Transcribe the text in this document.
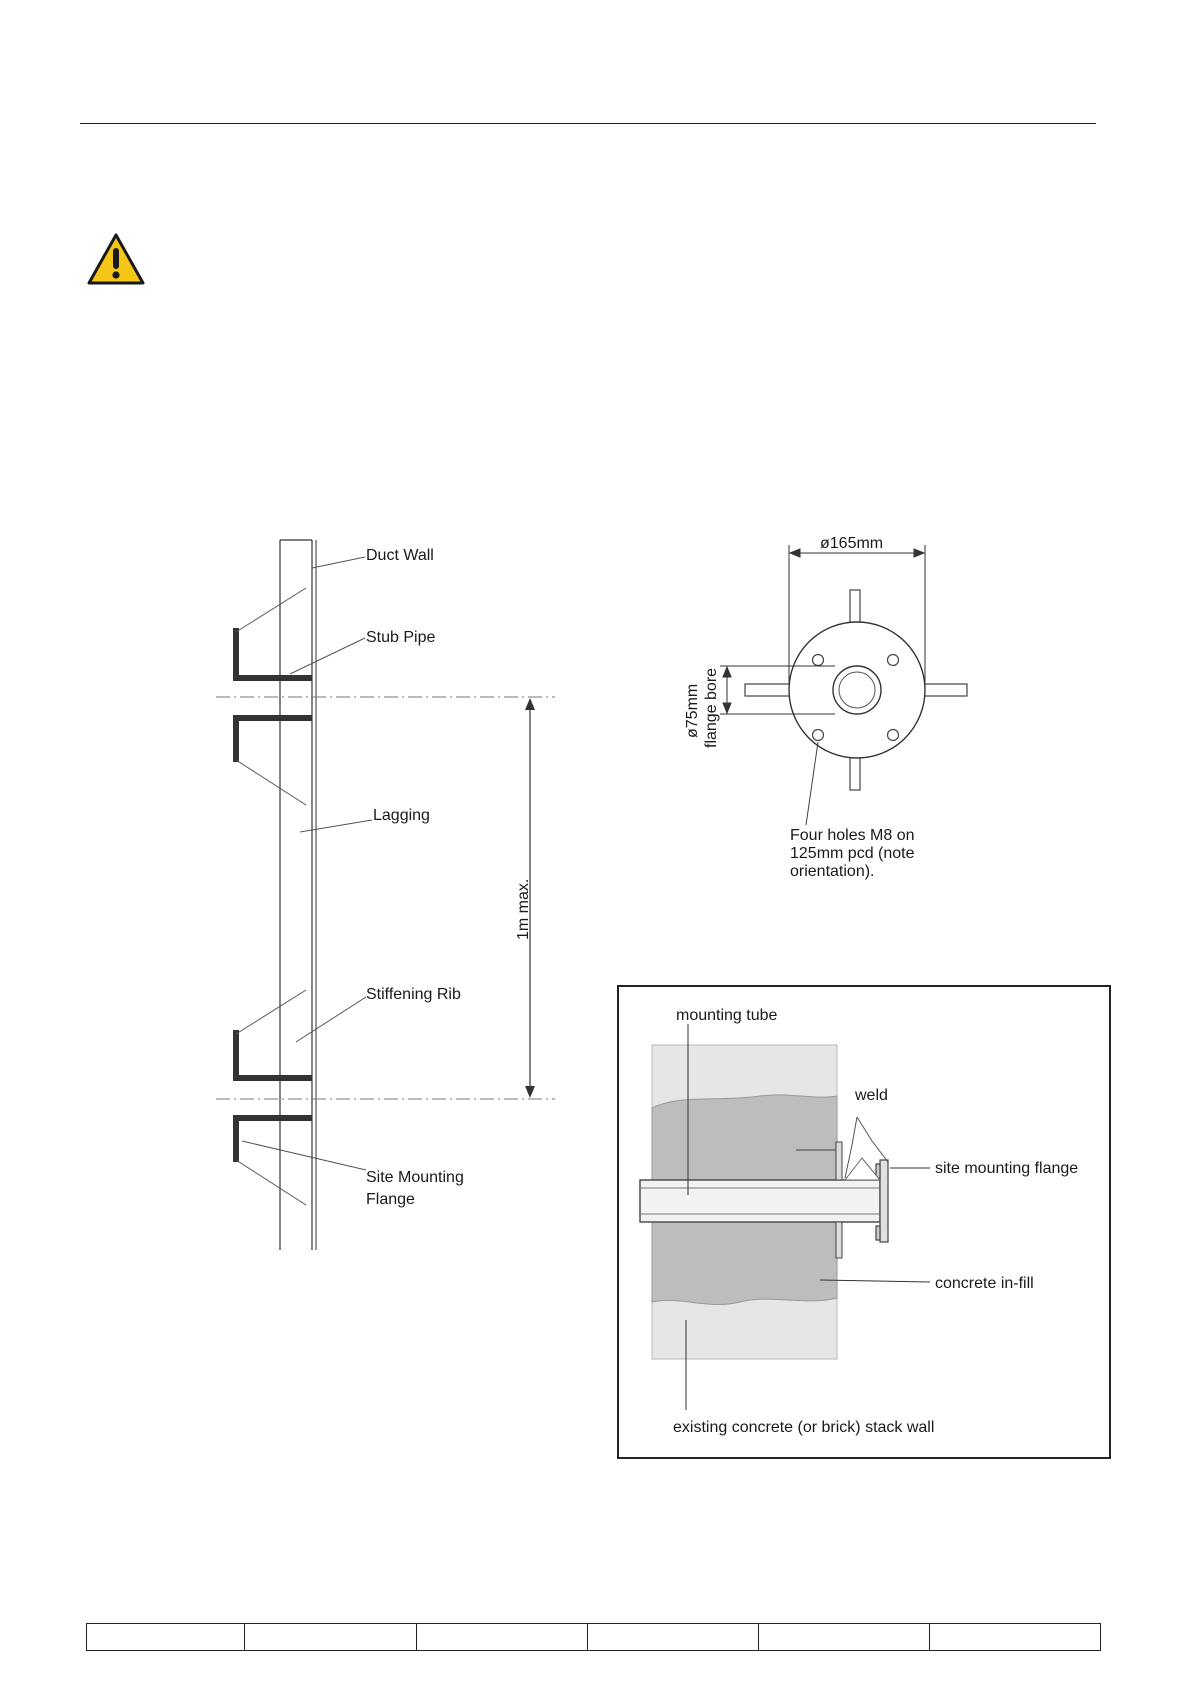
1m max.
Duct Wall
Stub Pipe
Lagging
Stiffening Rib
Site Mounting
Flange
ø165mm
ø75mm flange bore
Four holes M8 on
125mm pcd (note
orientation).
mounting tube
weld
site mounting flange
concrete in-fill
existing concrete (or brick) stack wall
